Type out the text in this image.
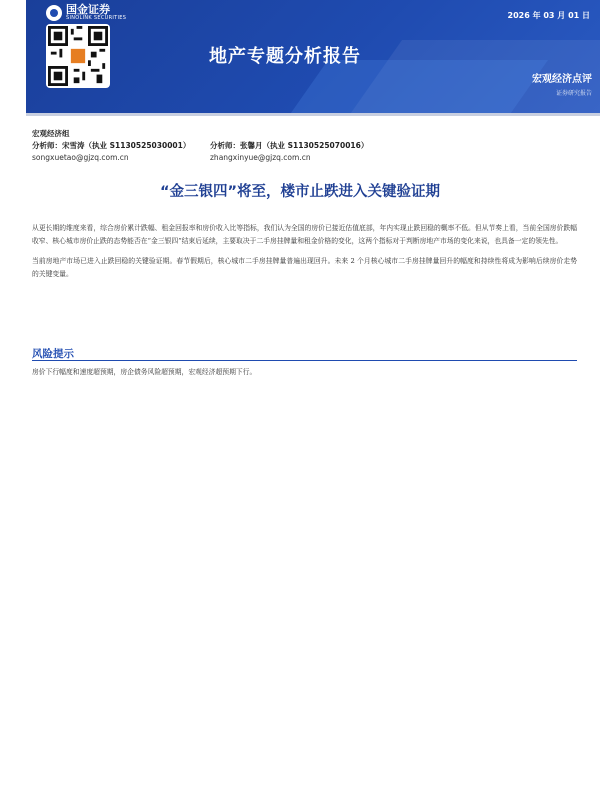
国金证券
SINOLINK SECURITIES	2026 年 03 月 01 日
地产专题分析报告
宏观经济点评
证券研究报告
宏观经济组
分析师：宋雪涛（执业 S1130525030001）	分析师：张馨月（执业 S1130525070016）
songxuetao@gjzq.com.cn	zhangxinyue@gjzq.com.cn
“金三银四”将至，楼市止跌进入关键验证期

从更长期的维度来看，综合房价累计跌幅、租金回报率和房价收入比等指标，我们认为全国的房价已接近估值底部，年内实现止跌回稳的概率不低。但从节奏上看，当前全国房价跌幅收窄、核心城市房价止跌的态势能否在“金三银四”结束后延续，主要取决于二手房挂牌量和租金价格的变化，这两个指标对于判断房地产市场的变化来说，也具备一定的领先性。

当前房地产市场已进入止跌回稳的关键验证期。春节假期后，核心城市二手房挂牌量普遍出现回升。未来 2 个月核心城市二手房挂牌量回升的幅度和持续性将成为影响后续房价走势的关键变量。

风险提示
房价下行幅度和速度超预期，房企债务风险超预期，宏观经济超预期下行。
